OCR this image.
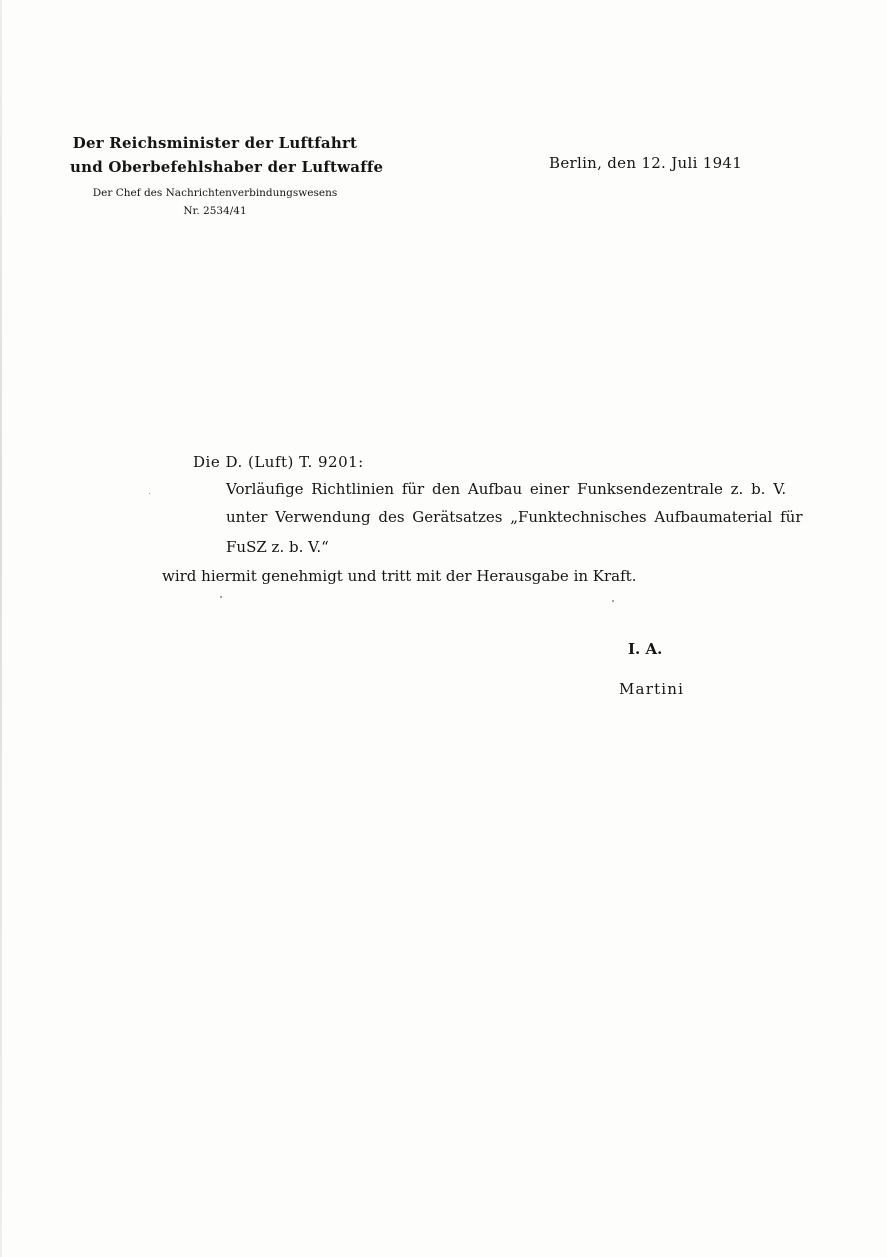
Der Reichsminister der Luftfahrt
und Oberbefehlshaber der Luftwaffe
Der Chef des Nachrichtenverbindungswesens
Nr. 2534/41
Berlin, den 12. Juli 1941
Die D. (Luft) T. 9201:
Vorläufige Richtlinien für den Aufbau einer Funksendezentrale z. b. V.
unter Verwendung des Gerätsatzes „Funktechnisches Aufbaumaterial für
FuSZ z. b. V.“
wird hiermit genehmigt und tritt mit der Herausgabe in Kraft.
I. A.
Martini
